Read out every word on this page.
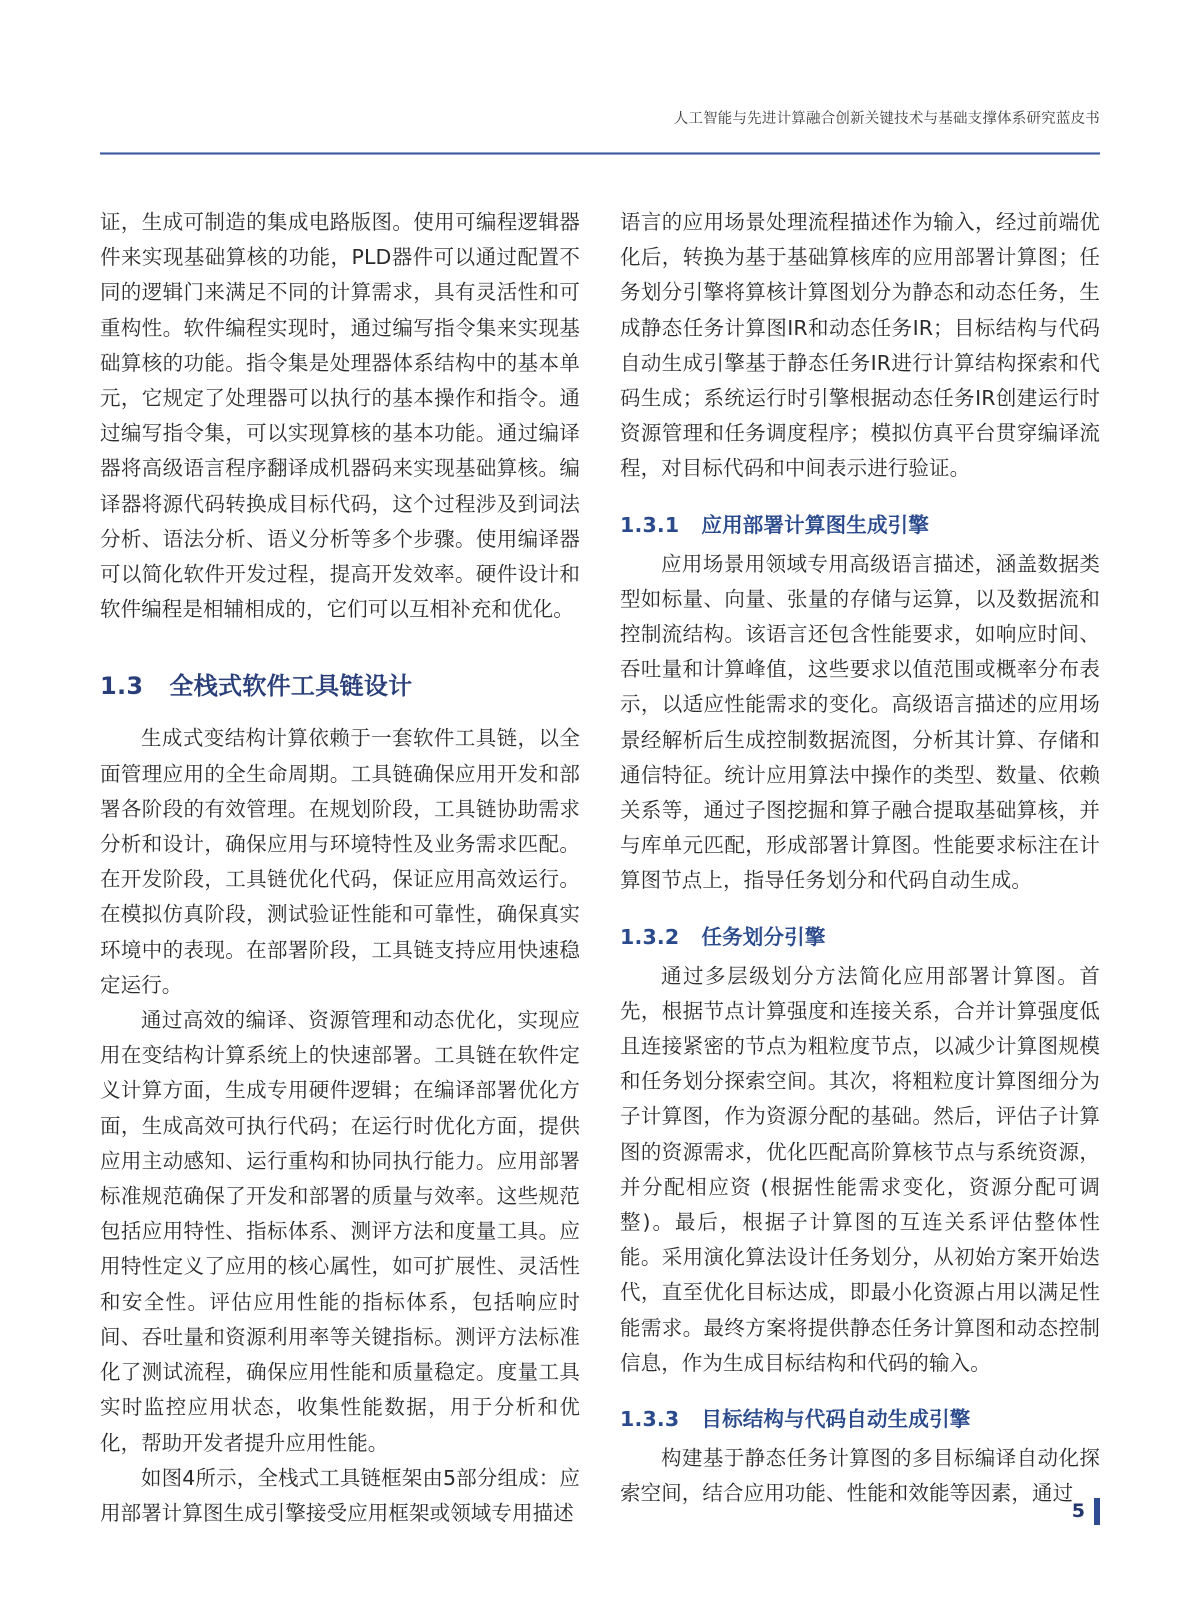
人工智能与先进计算融合创新关键技术与基础支撑体系研究蓝皮书

证，生成可制造的集成电路版图。使用可编程逻辑器件来实现基础算核的功能，PLD器件可以通过配置不同的逻辑门来满足不同的计算需求，具有灵活性和可重构性。软件编程实现时，通过编写指令集来实现基础算核的功能。指令集是处理器体系结构中的基本单元，它规定了处理器可以执行的基本操作和指令。通过编写指令集，可以实现算核的基本功能。通过编译器将高级语言程序翻译成机器码来实现基础算核。编译器将源代码转换成目标代码，这个过程涉及到词法分析、语法分析、语义分析等多个步骤。使用编译器可以简化软件开发过程，提高开发效率。硬件设计和软件编程是相辅相成的，它们可以互相补充和优化。

1.3 全栈式软件工具链设计

生成式变结构计算依赖于一套软件工具链，以全面管理应用的全生命周期。工具链确保应用开发和部署各阶段的有效管理。在规划阶段，工具链协助需求分析和设计，确保应用与环境特性及业务需求匹配。在开发阶段，工具链优化代码，保证应用高效运行。在模拟仿真阶段，测试验证性能和可靠性，确保真实环境中的表现。在部署阶段，工具链支持应用快速稳定运行。

通过高效的编译、资源管理和动态优化，实现应用在变结构计算系统上的快速部署。工具链在软件定义计算方面，生成专用硬件逻辑；在编译部署优化方面，生成高效可执行代码；在运行时优化方面，提供应用主动感知、运行重构和协同执行能力。应用部署标准规范确保了开发和部署的质量与效率。这些规范包括应用特性、指标体系、测评方法和度量工具。应用特性定义了应用的核心属性，如可扩展性、灵活性和安全性。评估应用性能的指标体系，包括响应时间、吞吐量和资源利用率等关键指标。测评方法标准化了测试流程，确保应用性能和质量稳定。度量工具实时监控应用状态，收集性能数据，用于分析和优化，帮助开发者提升应用性能。

如图4所示，全栈式工具链框架由5部分组成：应用部署计算图生成引擎接受应用框架或领域专用描述

语言的应用场景处理流程描述作为输入，经过前端优化后，转换为基于基础算核库的应用部署计算图；任务划分引擎将算核计算图划分为静态和动态任务，生成静态任务计算图IR和动态任务IR；目标结构与代码自动生成引擎基于静态任务IR进行计算结构探索和代码生成；系统运行时引擎根据动态任务IR创建运行时资源管理和任务调度程序；模拟仿真平台贯穿编译流程，对目标代码和中间表示进行验证。

1.3.1 应用部署计算图生成引擎

应用场景用领域专用高级语言描述，涵盖数据类型如标量、向量、张量的存储与运算，以及数据流和控制流结构。该语言还包含性能要求，如响应时间、吞吐量和计算峰值，这些要求以值范围或概率分布表示，以适应性能需求的变化。高级语言描述的应用场景经解析后生成控制数据流图，分析其计算、存储和通信特征。统计应用算法中操作的类型、数量、依赖关系等，通过子图挖掘和算子融合提取基础算核，并与库单元匹配，形成部署计算图。性能要求标注在计算图节点上，指导任务划分和代码自动生成。

1.3.2 任务划分引擎

通过多层级划分方法简化应用部署计算图。首先，根据节点计算强度和连接关系，合并计算强度低且连接紧密的节点为粗粒度节点，以减少计算图规模和任务划分探索空间。其次，将粗粒度计算图细分为子计算图，作为资源分配的基础。然后，评估子计算图的资源需求，优化匹配高阶算核节点与系统资源，并分配相应资 (根据性能需求变化，资源分配可调整)。最后，根据子计算图的互连关系评估整体性能。采用演化算法设计任务划分，从初始方案开始迭代，直至优化目标达成，即最小化资源占用以满足性能需求。最终方案将提供静态任务计算图和动态控制信息，作为生成目标结构和代码的输入。

1.3.3 目标结构与代码自动生成引擎

构建基于静态任务计算图的多目标编译自动化探索空间，结合应用功能、性能和效能等因素，通过

5
